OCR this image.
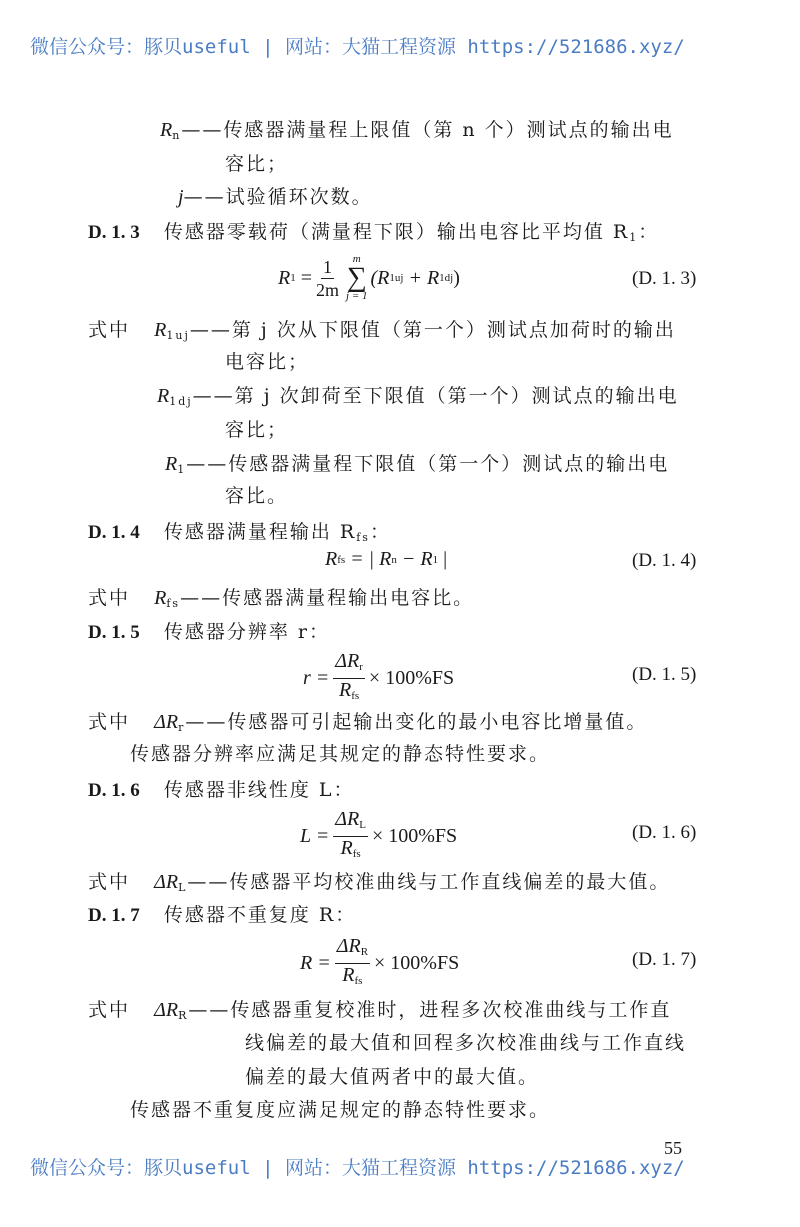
微信公众号：豚贝useful | 网站：大猫工程资源 https://521686.xyz/
$R_n——$传感器满量程上限值（第 n 个）测试点的输出电
容比；
j——试验循环次数。
D. 1. 3 传感器零载荷（满量程下限）输出电容比平均值 $R_1$：
R 1
= $\frac{1}{2m}$ m
∑
j = 1
(R 1uj
+ R 1dj )	(D. 1. 3)
式中 $R_{1uj}——$第 j 次从下限值（第一个）测试点加荷时的输出
电容比；
$R_{1dj}——$第 j 次卸荷至下限值（第一个）测试点的输出电
容比；
$R_1——$传感器满量程下限值（第一个）测试点的输出电
容比。
D. 1. 4 传感器满量程输出 $R_{fs}$：
R fs
= | R n
− R 1
|	(D. 1. 4)
式中 $R_{fs}——$传感器满量程输出电容比。
D. 1. 5 传感器分辨率 r：
$r = \frac{\Delta R_r}{R_{fs}} \times 100\%FS$	(D. 1. 5)
式中 $\Delta R_r——$传感器可引起输出变化的最小电容比增量值。
传感器分辨率应满足其规定的静态特性要求。
D. 1. 6 传感器非线性度 L：
$L = \frac{\Delta R_L}{R_{fs}} \times 100\%FS$	(D. 1. 6)
式中 $\Delta R_L——$传感器平均校准曲线与工作直线偏差的最大值。
D. 1. 7 传感器不重复度 R：
$R = \frac{\Delta R_R}{R_{fs}} \times 100\%FS$	(D. 1. 7)
式中 $\Delta R_R——$传感器重复校准时，进程多次校准曲线与工作直
线偏差的最大值和回程多次校准曲线与工作直线
偏差的最大值两者中的最大值。
传感器不重复度应满足规定的静态特性要求。
55
微信公众号：豚贝useful | 网站：大猫工程资源 https://521686.xyz/
